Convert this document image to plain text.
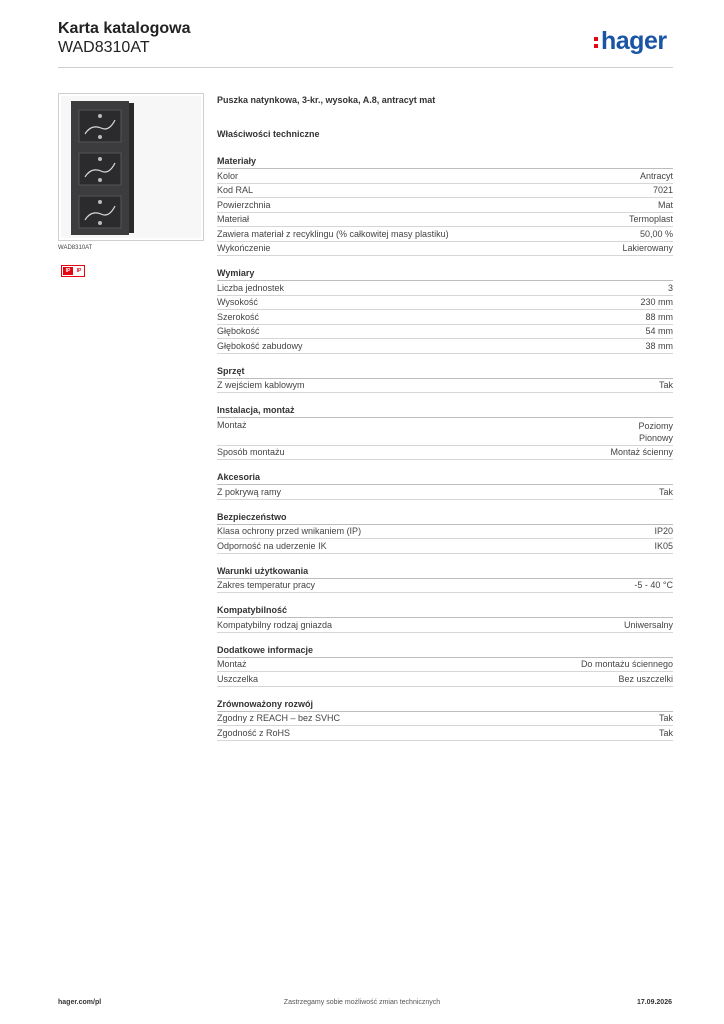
Karta katalogowa
WAD8310AT	hager
WAD8310AT
IP	IP
Puszka natynkowa, 3-kr., wysoka, A.8, antracyt mat
Właściwości techniczne
Materiały
Kolor	Antracyt
Kod RAL	7021
Powierzchnia	Mat
Materiał	Termoplast
Zawiera materiał z recyklingu (% całkowitej masy plastiku)	50,00 %
Wykończenie	Lakierowany
Wymiary
Liczba jednostek	3
Wysokość	230 mm
Szerokość	88 mm
Głębokość	54 mm
Głębokość zabudowy	38 mm
Sprzęt
Z wejściem kablowym	Tak
Instalacja, montaż
Montaż	Poziomy
Pionowy
Sposób montażu	Montaż ścienny
Akcesoria
Z pokrywą ramy	Tak
Bezpieczeństwo
Klasa ochrony przed wnikaniem (IP)	IP20
Odporność na uderzenie IK	IK05
Warunki użytkowania
Zakres temperatur pracy	-5 - 40 °C
Kompatybilność
Kompatybilny rodzaj gniazda	Uniwersalny
Dodatkowe informacje
Montaż	Do montażu ściennego
Uszczelka	Bez uszczelki
Zrównoważony rozwój
Zgodny z REACH – bez SVHC	Tak
Zgodność z RoHS	Tak
hager.com/pl	Zastrzegamy sobie możliwość zmian technicznych	17.09.2026
